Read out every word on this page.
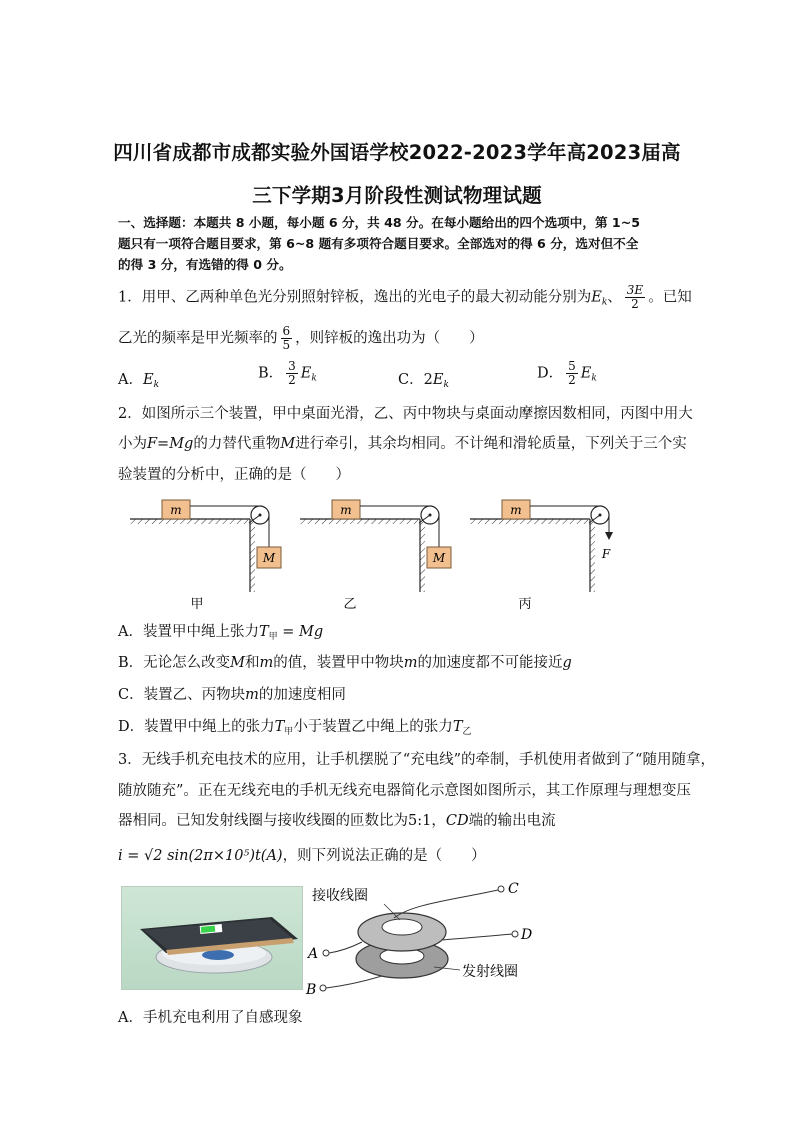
四川省成都市成都实验外国语学校2022-2023学年高2023届高
三下学期3月阶段性测试物理试题
一、选择题：本题共 8 小题，每小题 6 分，共 48 分。在每小题给出的四个选项中，第 1~5
题只有一项符合题目要求，第 6~8 题有多项符合题目要求。全部选对的得 6 分，选对但不全
的得 3 分，有选错的得 0 分。
1．用甲、乙两种单色光分别照射锌板，逸出的光电子的最大初动能分别为$E_k$、 $\frac{3E}{2}$ 。已知
乙光的频率是甲光频率的 $\frac{6}{5}$ ，则锌板的逸出功为（　　）
A．$E_k$
B． $\frac{3}{2} E_k$	C．$2E_k$
D． $\frac{5}{2} E_k$
2．如图所示三个装置，甲中桌面光滑，乙、丙中物块与桌面动摩擦因数相同，丙图中用大
小为F=Mg的力替代重物M进行牵引，其余均相同。不计绳和滑轮质量，下列关于三个实
验装置的分析中，正确的是（　　）
m
M
m
M
m
F
甲	乙	丙
A．装置甲中绳上张力$T_甲 = Mg$
B．无论怎么改变M和m的值，装置甲中物块m的加速度都不可能接近g
C．装置乙、丙物块m的加速度相同
D．装置甲中绳上的张力$T_甲$小于装置乙中绳上的张力$T_乙$
3．无线手机充电技术的应用，让手机摆脱了“充电线”的牵制，手机使用者做到了“随用随拿，
随放随充”。正在无线充电的手机无线充电器简化示意图如图所示，其工作原理与理想变压
器相同。已知发射线圈与接收线圈的匝数比为5:1，CD端的输出电流
i = √2 sin(2π×10⁵)t(A)，则下列说法正确的是（　　）
接收线圈
发射线圈
C
D
A
B
A．手机充电利用了自感现象
